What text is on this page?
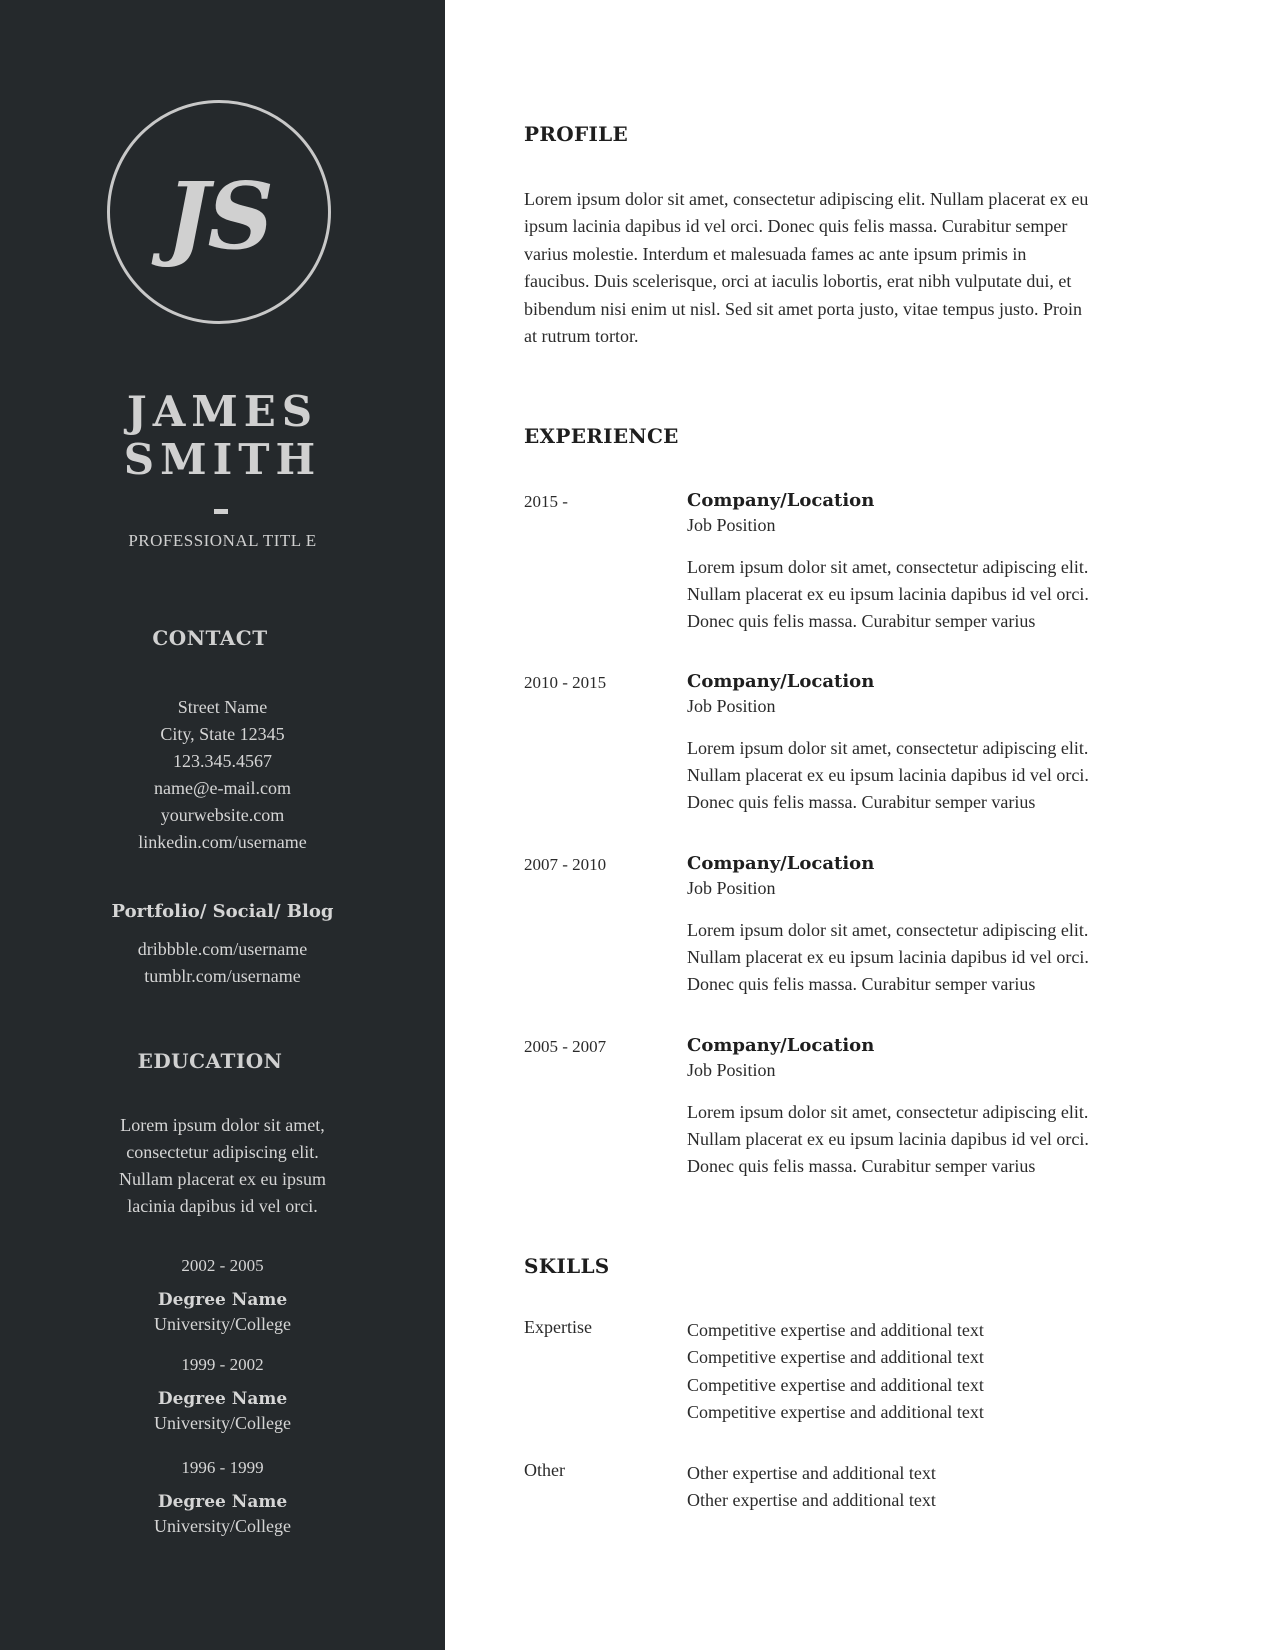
JS
JAMES
SMITH
PROFESSIONAL TITL E
CONTACT
Street Name
City, State 12345
123.345.4567
name@e-mail.com
yourwebsite.com
linkedin.com/username
Portfolio/ Social/ Blog
dribbble.com/username
tumblr.com/username
EDUCATION
Lorem ipsum dolor sit amet,
consectetur adipiscing elit.
Nullam placerat ex eu ipsum
lacinia dapibus id vel orci.
2002 - 2005
Degree Name
University/College
1999 - 2002
Degree Name
University/College
1996 - 1999
Degree Name
University/College
PROFILE
Lorem ipsum dolor sit amet, consectetur adipiscing elit. Nullam placerat ex eu
ipsum lacinia dapibus id vel orci. Donec quis felis massa. Curabitur semper
varius molestie. Interdum et malesuada fames ac ante ipsum primis in
faucibus. Duis scelerisque, orci at iaculis lobortis, erat nibh vulputate dui, et
bibendum nisi enim ut nisl. Sed sit amet porta justo, vitae tempus justo. Proin
at rutrum tortor.
EXPERIENCE
2015 -	Company/Location
Job Position
Lorem ipsum dolor sit amet, consectetur adipiscing elit.
Nullam placerat ex eu ipsum lacinia dapibus id vel orci.
Donec quis felis massa. Curabitur semper varius
2010 - 2015	Company/Location
Job Position
Lorem ipsum dolor sit amet, consectetur adipiscing elit.
Nullam placerat ex eu ipsum lacinia dapibus id vel orci.
Donec quis felis massa. Curabitur semper varius
2007 - 2010	Company/Location
Job Position
Lorem ipsum dolor sit amet, consectetur adipiscing elit.
Nullam placerat ex eu ipsum lacinia dapibus id vel orci.
Donec quis felis massa. Curabitur semper varius
2005 - 2007	Company/Location
Job Position
Lorem ipsum dolor sit amet, consectetur adipiscing elit.
Nullam placerat ex eu ipsum lacinia dapibus id vel orci.
Donec quis felis massa. Curabitur semper varius
SKILLS
Expertise	Competitive expertise and additional text
Competitive expertise and additional text
Competitive expertise and additional text
Competitive expertise and additional text
Other	Other expertise and additional text
Other expertise and additional text
